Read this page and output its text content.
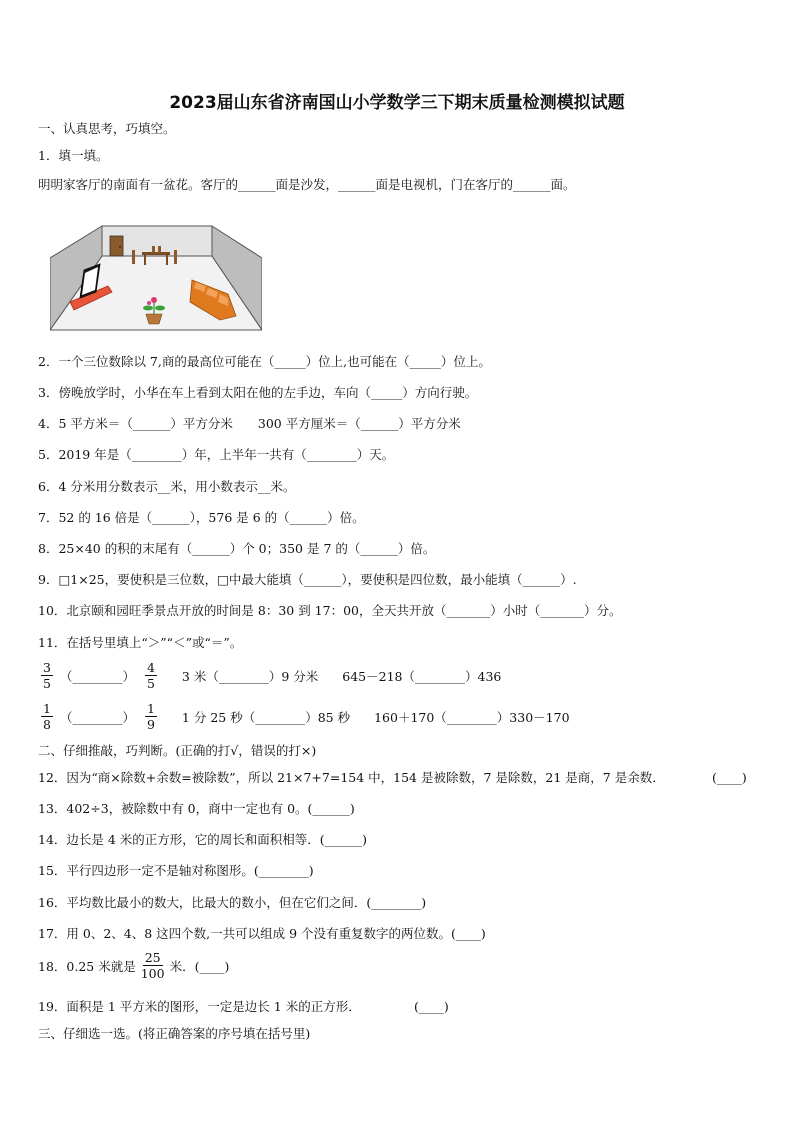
2023届山东省济南国山小学数学三下期末质量检测模拟试题
一、认真思考，巧填空。
1．填一填。
明明家客厅的南面有一盆花。客厅的______面是沙发，______面是电视机，门在客厅的______面。
2．一个三位数除以 7,商的最高位可能在（_____）位上,也可能在（_____）位上。
3．傍晚放学时，小华在车上看到太阳在他的左手边，车向（_____）方向行驶。
4．5 平方米＝（______）平方分米　　300 平方厘米＝（______）平方分米
5．2019 年是（________）年，上半年一共有（________）天。
6．4 分米用分数表示__米，用小数表示__米。
7．52 的 16 倍是（______），576 是 6 的（______）倍。
8．25×40 的积的末尾有（______）个 0；350 是 7 的（______）倍。
9．□1×25，要使积是三位数，□中最大能填（______），要使积是四位数，最小能填（______）.
10．北京颐和园旺季景点开放的时间是 8：30 到 17：00，全天共开放（_______）小时（_______）分。
11．在括号里填上“＞”“＜”或“＝”。
$\frac{3}{5}$ （________） $\frac{4}{5} 3$ 米（________）9 分米 645－218（________）436
$\frac{1}{8}$ （________） $\frac{1}{9} 1$ 分 25 秒（________）85 秒 160＋170（________）330－170
二、仔细推敲，巧判断。(正确的打√，错误的打×)
12．因为“商×除数+余数=被除数”，所以 21×7+7=154 中，154 是被除数，7 是除数，21 是商，7 是余数．	(____)
13．402÷3，被除数中有 0，商中一定也有 0。(______)
14．边长是 4 米的正方形，它的周长和面积相等．(______)
15．平行四边形一定不是轴对称图形。(________)
16．平均数比最小的数大，比最大的数小，但在它们之间．(________)
17．用 0、2、4、8 这四个数,一共可以组成 9 个没有重复数字的两位数。(____)
18．0.25 米就是 $\frac{25}{100}$ 米．(____)
19．面积是 1 平方米的图形，一定是边长 1 米的正方形．	(____)
三、仔细选一选。(将正确答案的序号填在括号里)
